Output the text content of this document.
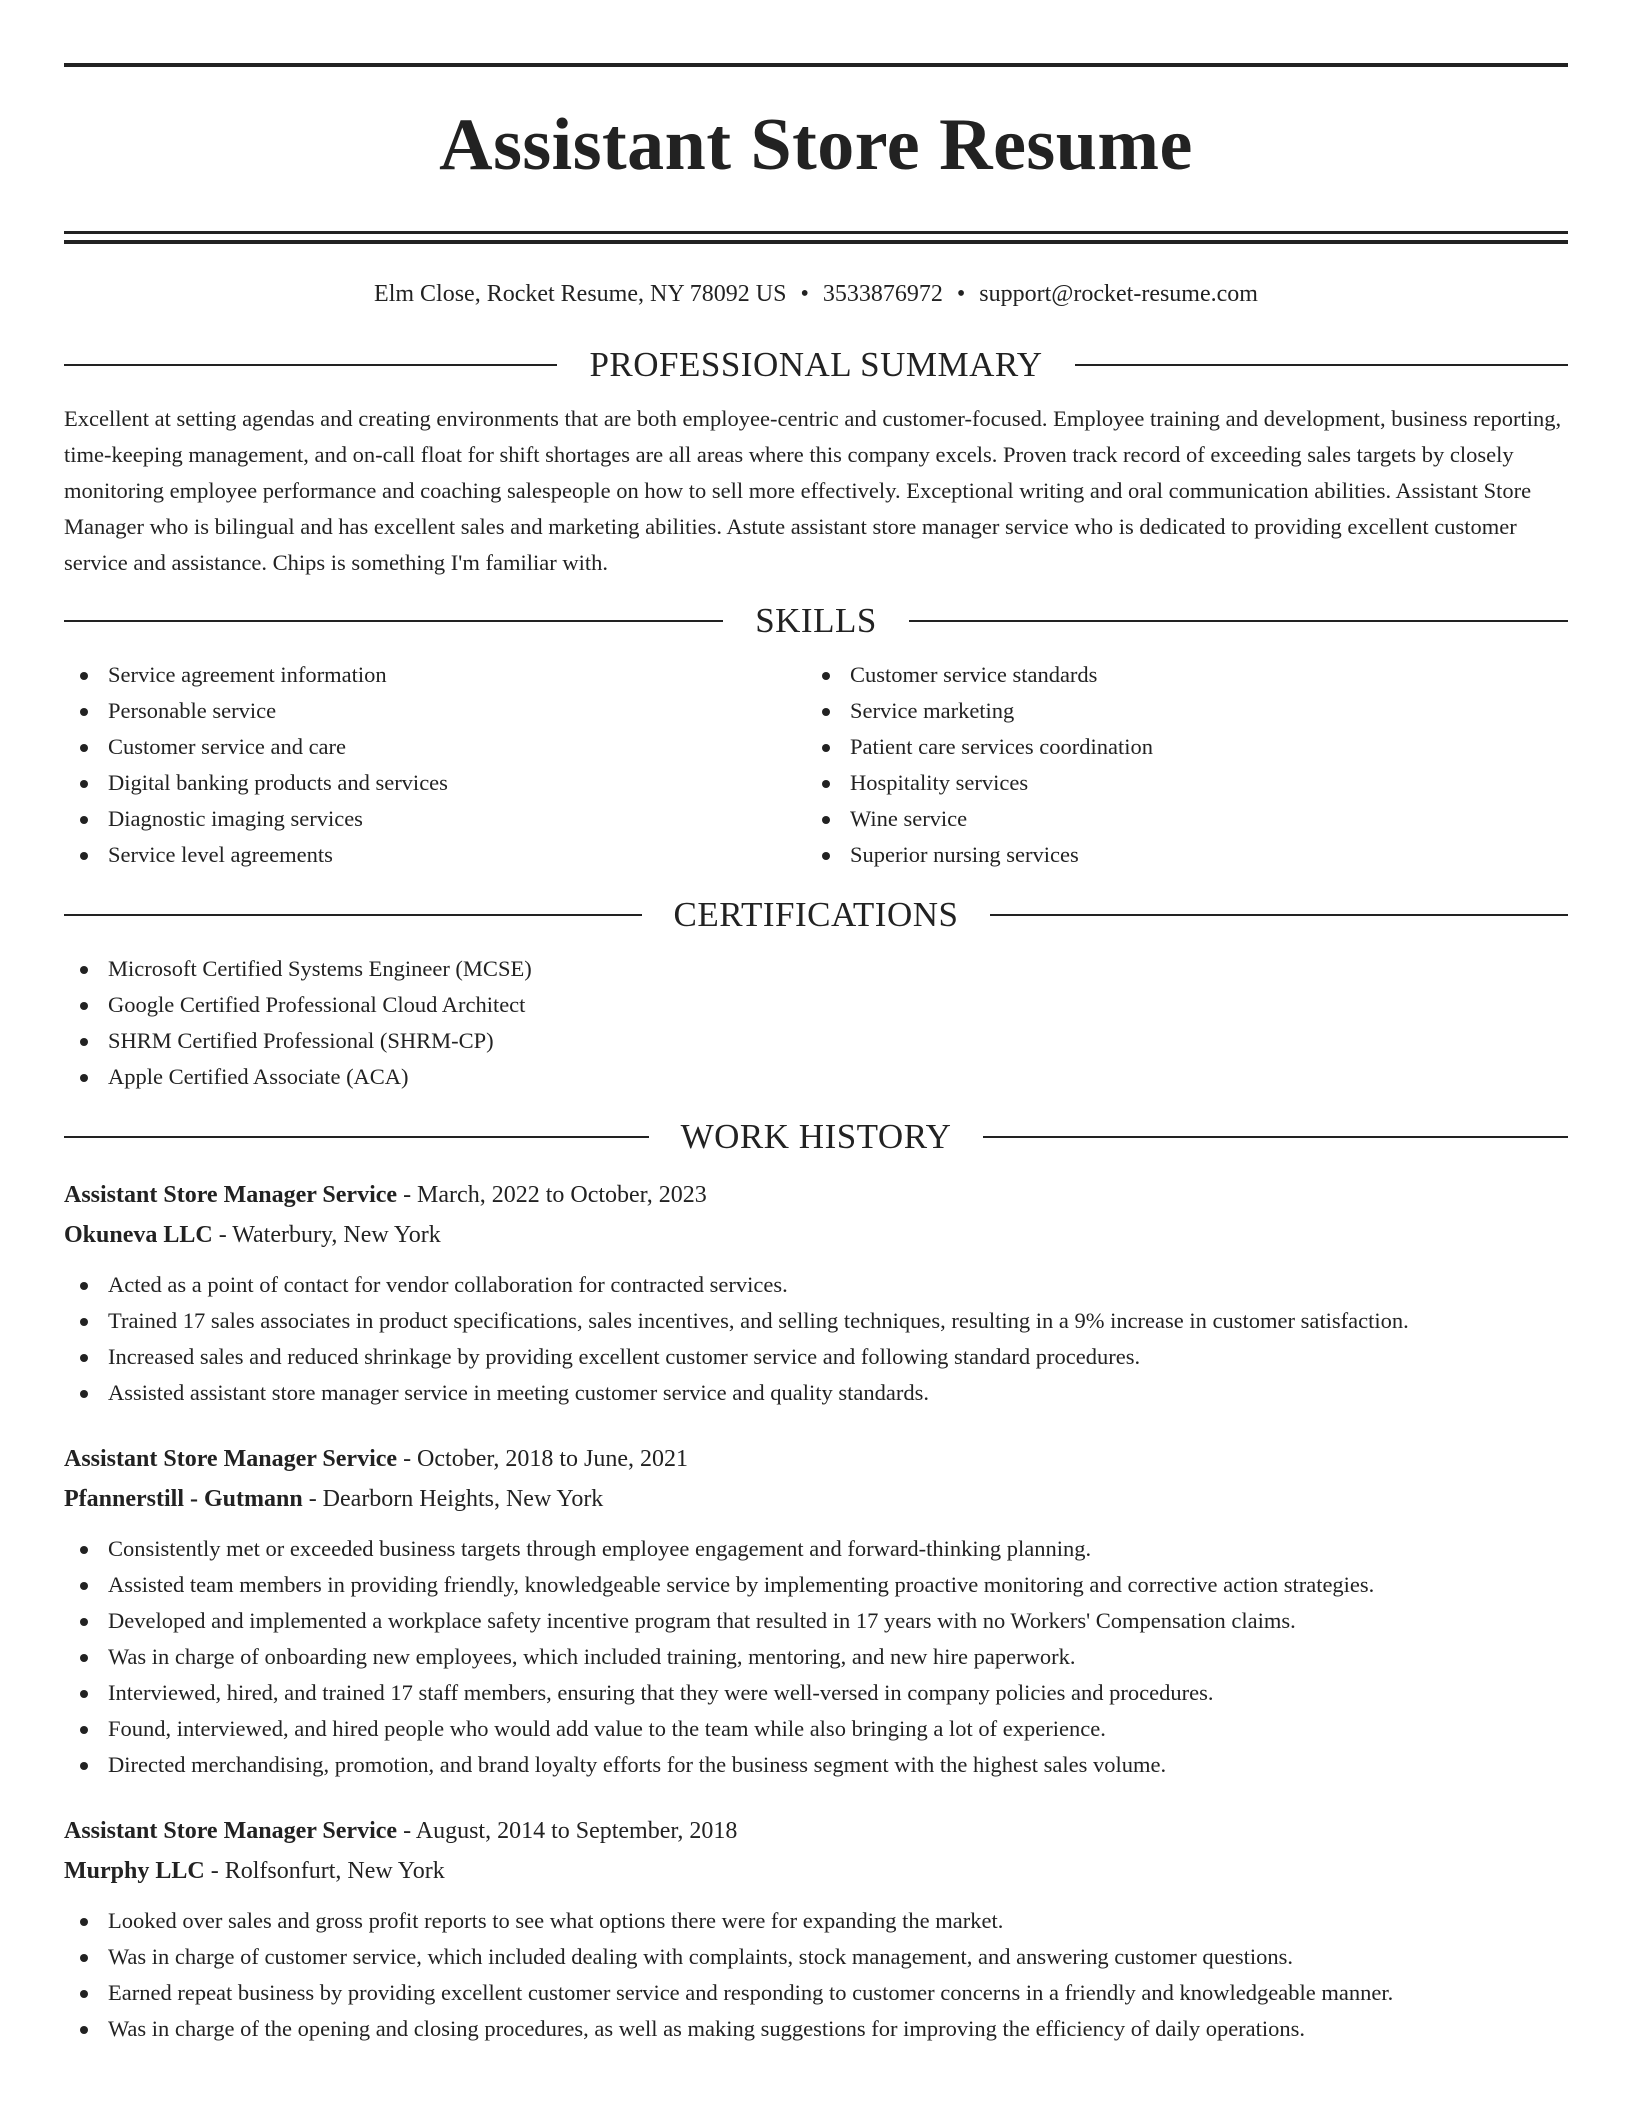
Assistant Store Resume
Elm Close, Rocket Resume, NY 78092 US • 3533876972 • support@rocket-resume.com
PROFESSIONAL SUMMARY

Excellent at setting agendas and creating environments that are both employee-centric and customer-focused. Employee training and development, business reporting, time-keeping management, and on-call float for shift shortages are all areas where this company excels. Proven track record of exceeding sales targets by closely monitoring employee performance and coaching salespeople on how to sell more effectively. Exceptional writing and oral communication abilities. Assistant Store Manager who is bilingual and has excellent sales and marketing abilities. Astute assistant store manager service who is dedicated to providing excellent customer service and assistance. Chips is something I'm familiar with.

SKILLS
Service agreement information
Personable service
Customer service and care
Digital banking products and services
Diagnostic imaging services
Service level agreements
Customer service standards
Service marketing
Patient care services coordination
Hospitality services
Wine service
Superior nursing services
CERTIFICATIONS
Microsoft Certified Systems Engineer (MCSE)
Google Certified Professional Cloud Architect
SHRM Certified Professional (SHRM-CP)
Apple Certified Associate (ACA)
WORK HISTORY
Assistant Store Manager Service - March, 2022 to October, 2023
Okuneva LLC - Waterbury, New York
Acted as a point of contact for vendor collaboration for contracted services.
Trained 17 sales associates in product specifications, sales incentives, and selling techniques, resulting in a 9% increase in customer satisfaction.
Increased sales and reduced shrinkage by providing excellent customer service and following standard procedures.
Assisted assistant store manager service in meeting customer service and quality standards.
Assistant Store Manager Service - October, 2018 to June, 2021
Pfannerstill - Gutmann - Dearborn Heights, New York
Consistently met or exceeded business targets through employee engagement and forward-thinking planning.
Assisted team members in providing friendly, knowledgeable service by implementing proactive monitoring and corrective action strategies.
Developed and implemented a workplace safety incentive program that resulted in 17 years with no Workers' Compensation claims.
Was in charge of onboarding new employees, which included training, mentoring, and new hire paperwork.
Interviewed, hired, and trained 17 staff members, ensuring that they were well-versed in company policies and procedures.
Found, interviewed, and hired people who would add value to the team while also bringing a lot of experience.
Directed merchandising, promotion, and brand loyalty efforts for the business segment with the highest sales volume.
Assistant Store Manager Service - August, 2014 to September, 2018
Murphy LLC - Rolfsonfurt, New York
Looked over sales and gross profit reports to see what options there were for expanding the market.
Was in charge of customer service, which included dealing with complaints, stock management, and answering customer questions.
Earned repeat business by providing excellent customer service and responding to customer concerns in a friendly and knowledgeable manner.
Was in charge of the opening and closing procedures, as well as making suggestions for improving the efficiency of daily operations.
